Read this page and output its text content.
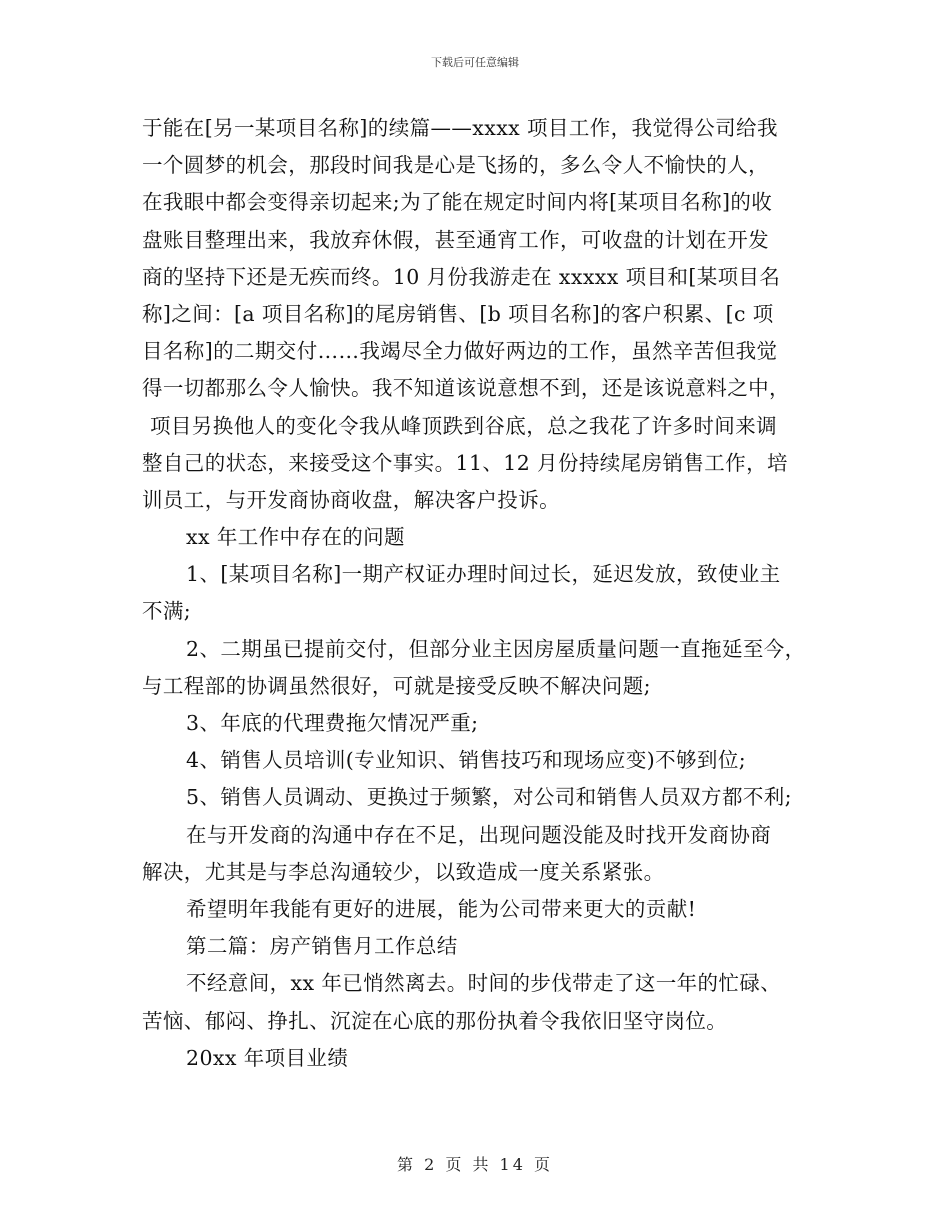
下载后可任意编辑
于能在[另一某项目名称]的续篇——xxxx 项目工作，我觉得公司给我
一个圆梦的机会，那段时间我是心是飞扬的，多么令人不愉快的人，
在我眼中都会变得亲切起来;为了能在规定时间内将[某项目名称]的收
盘账目整理出来，我放弃休假，甚至通宵工作，可收盘的计划在开发
商的坚持下还是无疾而终。10 月份我游走在 xxxxx 项目和[某项目名
称]之间：[a 项目名称]的尾房销售、[b 项目名称]的客户积累、[c 项
目名称]的二期交付……我竭尽全力做好两边的工作，虽然辛苦但我觉
得一切都那么令人愉快。我不知道该说意想不到，还是该说意料之中，
项目另换他人的变化令我从峰顶跌到谷底，总之我花了许多时间来调
整自己的状态，来接受这个事实。11、12 月份持续尾房销售工作，培
训员工，与开发商协商收盘，解决客户投诉。
xx 年工作中存在的问题
1、[某项目名称]一期产权证办理时间过长，延迟发放，致使业主
不满;
2、二期虽已提前交付，但部分业主因房屋质量问题一直拖延至今，
与工程部的协调虽然很好，可就是接受反映不解决问题;
3、年底的代理费拖欠情况严重;
4、销售人员培训(专业知识、销售技巧和现场应变)不够到位;
5、销售人员调动、更换过于频繁，对公司和销售人员双方都不利;
在与开发商的沟通中存在不足，出现问题没能及时找开发商协商
解决，尤其是与李总沟通较少，以致造成一度关系紧张。
希望明年我能有更好的进展，能为公司带来更大的贡献!
第二篇：房产销售月工作总结
不经意间，xx 年已悄然离去。时间的步伐带走了这一年的忙碌、
苦恼、郁闷、挣扎、沉淀在心底的那份执着令我依旧坚守岗位。
20xx 年项目业绩
第 2 页 共 14 页
